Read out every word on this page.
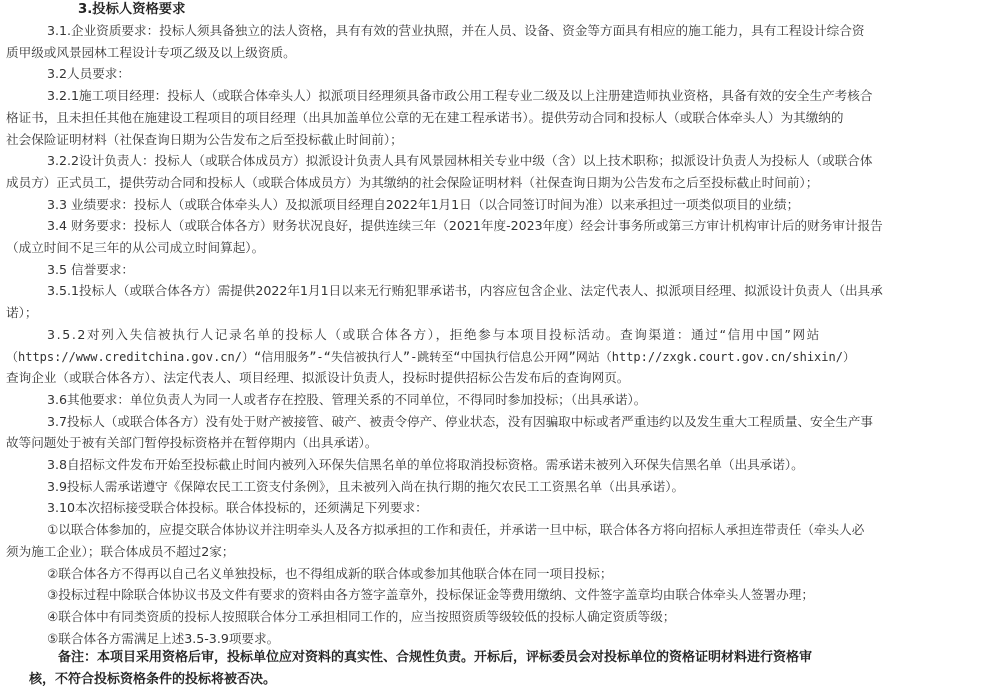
3.投标人资格要求
3.1.企业资质要求：投标人须具备独立的法人资格，具有有效的营业执照，并在人员、设备、资金等方面具有相应的施工能力，具有工程设计综合资
质甲级或风景园林工程设计专项乙级及以上级资质。
3.2人员要求：
3.2.1施工项目经理：投标人（或联合体牵头人）拟派项目经理须具备市政公用工程专业二级及以上注册建造师执业资格，具备有效的安全生产考核合
格证书，且未担任其他在施建设工程项目的项目经理（出具加盖单位公章的无在建工程承诺书）。提供劳动合同和投标人（或联合体牵头人）为其缴纳的
社会保险证明材料（社保查询日期为公告发布之后至投标截止时间前）；
3.2.2设计负责人：投标人（或联合体成员方）拟派设计负责人具有风景园林相关专业中级（含）以上技术职称；拟派设计负责人为投标人（或联合体
成员方）正式员工，提供劳动合同和投标人（或联合体成员方）为其缴纳的社会保险证明材料（社保查询日期为公告发布之后至投标截止时间前）；
3.3 业绩要求：投标人（或联合体牵头人）及拟派项目经理自2022年1月1日（以合同签订时间为准）以来承担过一项类似项目的业绩；
3.4 财务要求：投标人（或联合体各方）财务状况良好，提供连续三年（2021年度-2023年度）经会计事务所或第三方审计机构审计后的财务审计报告
（成立时间不足三年的从公司成立时间算起）。
3.5 信誉要求：
3.5.1投标人（或联合体各方）需提供2022年1月1日以来无行贿犯罪承诺书，内容应包含企业、法定代表人、拟派项目经理、拟派设计负责人（出具承
诺）；
3.5.2对列入失信被执行人记录名单的投标人（或联合体各方），拒绝参与本项目投标活动。查询渠道：通过“信用中国”网站
（https://www.creditchina.gov.cn/）“信用服务”-“失信被执行人”-跳转至“中国执行信息公开网”网站（http://zxgk.court.gov.cn/shixin/）
查询企业（或联合体各方）、法定代表人、项目经理、拟派设计负责人，投标时提供招标公告发布后的查询网页。
3.6其他要求：单位负责人为同一人或者存在控股、管理关系的不同单位，不得同时参加投标；（出具承诺）。
3.7投标人（或联合体各方）没有处于财产被接管、破产、被责令停产、停业状态，没有因骗取中标或者严重违约以及发生重大工程质量、安全生产事
故等问题处于被有关部门暂停投标资格并在暂停期内（出具承诺）。
3.8自招标文件发布开始至投标截止时间内被列入环保失信黑名单的单位将取消投标资格。需承诺未被列入环保失信黑名单（出具承诺）。
3.9投标人需承诺遵守《保障农民工工资支付条例》，且未被列入尚在执行期的拖欠农民工工资黑名单（出具承诺）。
3.10本次招标接受联合体投标。联合体投标的，还须满足下列要求：
①以联合体参加的，应提交联合体协议并注明牵头人及各方拟承担的工作和责任，并承诺一旦中标，联合体各方将向招标人承担连带责任（牵头人必
须为施工企业）；联合体成员不超过2家；
②联合体各方不得再以自己名义单独投标，也不得组成新的联合体或参加其他联合体在同一项目投标；
③投标过程中除联合体协议书及文件有要求的资料由各方签字盖章外，投标保证金等费用缴纳、文件签字盖章均由联合体牵头人签署办理；
④联合体中有同类资质的投标人按照联合体分工承担相同工作的，应当按照资质等级较低的投标人确定资质等级；
⑤联合体各方需满足上述3.5-3.9项要求。
备注：本项目采用资格后审，投标单位应对资料的真实性、合规性负责。开标后，评标委员会对投标单位的资格证明材料进行资格审
核，不符合投标资格条件的投标将被否决。
